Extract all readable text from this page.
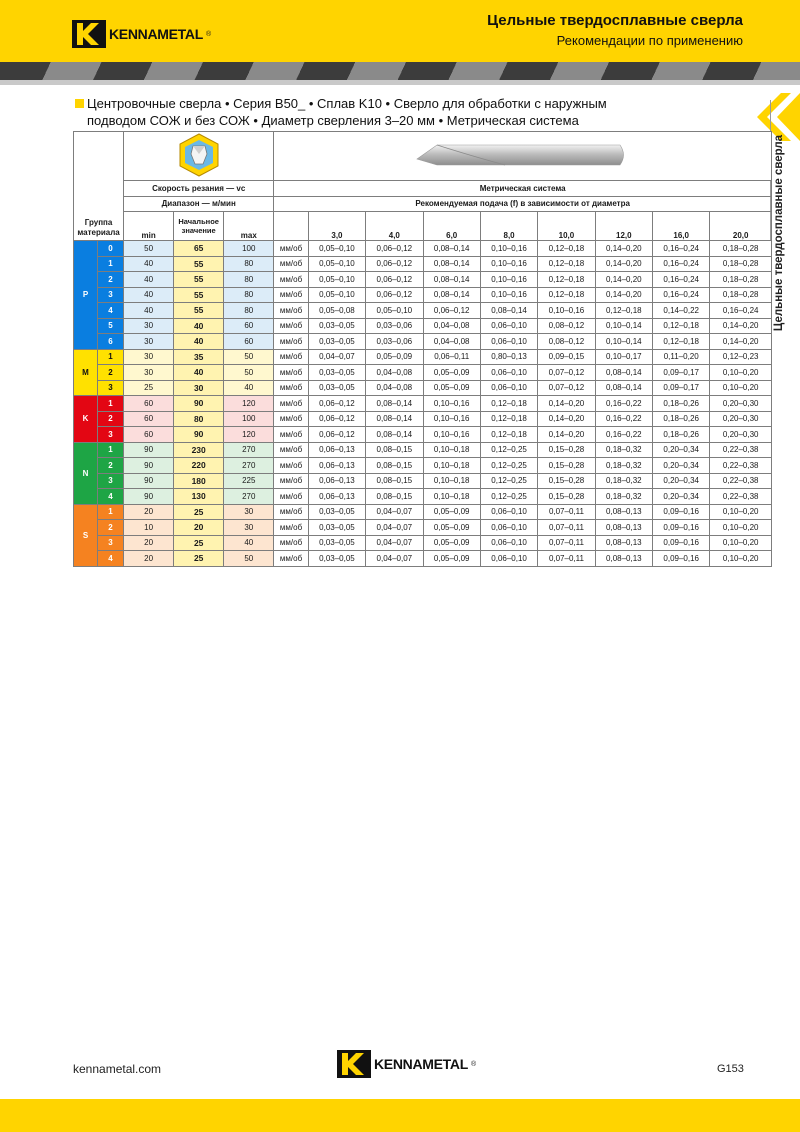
KENNAMETAL ®
Цельные твердосплавные сверла
Рекомендации по применению
Цельные твердосплавные сверла
Центровочные сверла • Серия B50_ • Сплав K10 • Сверло для обработки с наружным
подводом СОЖ и без СОЖ • Диаметр сверления 3–20 мм • Метрическая система
Группа материала		
		Скорость резания — vc			Метрическая система								
		Диапазон — м/мин			Рекомендуемая подача (f) в зависимости от диаметра								
		min	Начальное значение	max		3,0	4,0	6,0	8,0	10,0	12,0	16,0	20,0
P	0	50	65	100	мм/об	0,05–0,10	0,06–0,12	0,08–0,14	0,10–0,16	0,12–0,18	0,14–0,20	0,16–0,24	0,18–0,28
	1	40	55	80	мм/об	0,05–0,10	0,06–0,12	0,08–0,14	0,10–0,16	0,12–0,18	0,14–0,20	0,16–0,24	0,18–0,28
	2	40	55	80	мм/об	0,05–0,10	0,06–0,12	0,08–0,14	0,10–0,16	0,12–0,18	0,14–0,20	0,16–0,24	0,18–0,28
	3	40	55	80	мм/об	0,05–0,10	0,06–0,12	0,08–0,14	0,10–0,16	0,12–0,18	0,14–0,20	0,16–0,24	0,18–0,28
	4	40	55	80	мм/об	0,05–0,08	0,05–0,10	0,06–0,12	0,08–0,14	0,10–0,16	0,12–0,18	0,14–0,22	0,16–0,24
	5	30	40	60	мм/об	0,03–0,05	0,03–0,06	0,04–0,08	0,06–0,10	0,08–0,12	0,10–0,14	0,12–0,18	0,14–0,20
	6	30	40	60	мм/об	0,03–0,05	0,03–0,06	0,04–0,08	0,06–0,10	0,08–0,12	0,10–0,14	0,12–0,18	0,14–0,20
M	1	30	35	50	мм/об	0,04–0,07	0,05–0,09	0,06–0,11	0,80–0,13	0,09–0,15	0,10–0,17	0,11–0,20	0,12–0,23
	2	30	40	50	мм/об	0,03–0,05	0,04–0,08	0,05–0,09	0,06–0,10	0,07–0,12	0,08–0,14	0,09–0,17	0,10–0,20
	3	25	30	40	мм/об	0,03–0,05	0,04–0,08	0,05–0,09	0,06–0,10	0,07–0,12	0,08–0,14	0,09–0,17	0,10–0,20
K	1	60	90	120	мм/об	0,06–0,12	0,08–0,14	0,10–0,16	0,12–0,18	0,14–0,20	0,16–0,22	0,18–0,26	0,20–0,30
	2	60	80	100	мм/об	0,06–0,12	0,08–0,14	0,10–0,16	0,12–0,18	0,14–0,20	0,16–0,22	0,18–0,26	0,20–0,30
	3	60	90	120	мм/об	0,06–0,12	0,08–0,14	0,10–0,16	0,12–0,18	0,14–0,20	0,16–0,22	0,18–0,26	0,20–0,30
N	1	90	230	270	мм/об	0,06–0,13	0,08–0,15	0,10–0,18	0,12–0,25	0,15–0,28	0,18–0,32	0,20–0,34	0,22–0,38
	2	90	220	270	мм/об	0,06–0,13	0,08–0,15	0,10–0,18	0,12–0,25	0,15–0,28	0,18–0,32	0,20–0,34	0,22–0,38
	3	90	180	225	мм/об	0,06–0,13	0,08–0,15	0,10–0,18	0,12–0,25	0,15–0,28	0,18–0,32	0,20–0,34	0,22–0,38
	4	90	130	270	мм/об	0,06–0,13	0,08–0,15	0,10–0,18	0,12–0,25	0,15–0,28	0,18–0,32	0,20–0,34	0,22–0,38
S	1	20	25	30	мм/об	0,03–0,05	0,04–0,07	0,05–0,09	0,06–0,10	0,07–0,11	0,08–0,13	0,09–0,16	0,10–0,20
	2	10	20	30	мм/об	0,03–0,05	0,04–0,07	0,05–0,09	0,06–0,10	0,07–0,11	0,08–0,13	0,09–0,16	0,10–0,20
	3	20	25	40	мм/об	0,03–0,05	0,04–0,07	0,05–0,09	0,06–0,10	0,07–0,11	0,08–0,13	0,09–0,16	0,10–0,20
	4	20	25	50	мм/об	0,03–0,05	0,04–0,07	0,05–0,09	0,06–0,10	0,07–0,11	0,08–0,13	0,09–0,16	0,10–0,20
kennametal.com	KENNAMETAL ®	G153
